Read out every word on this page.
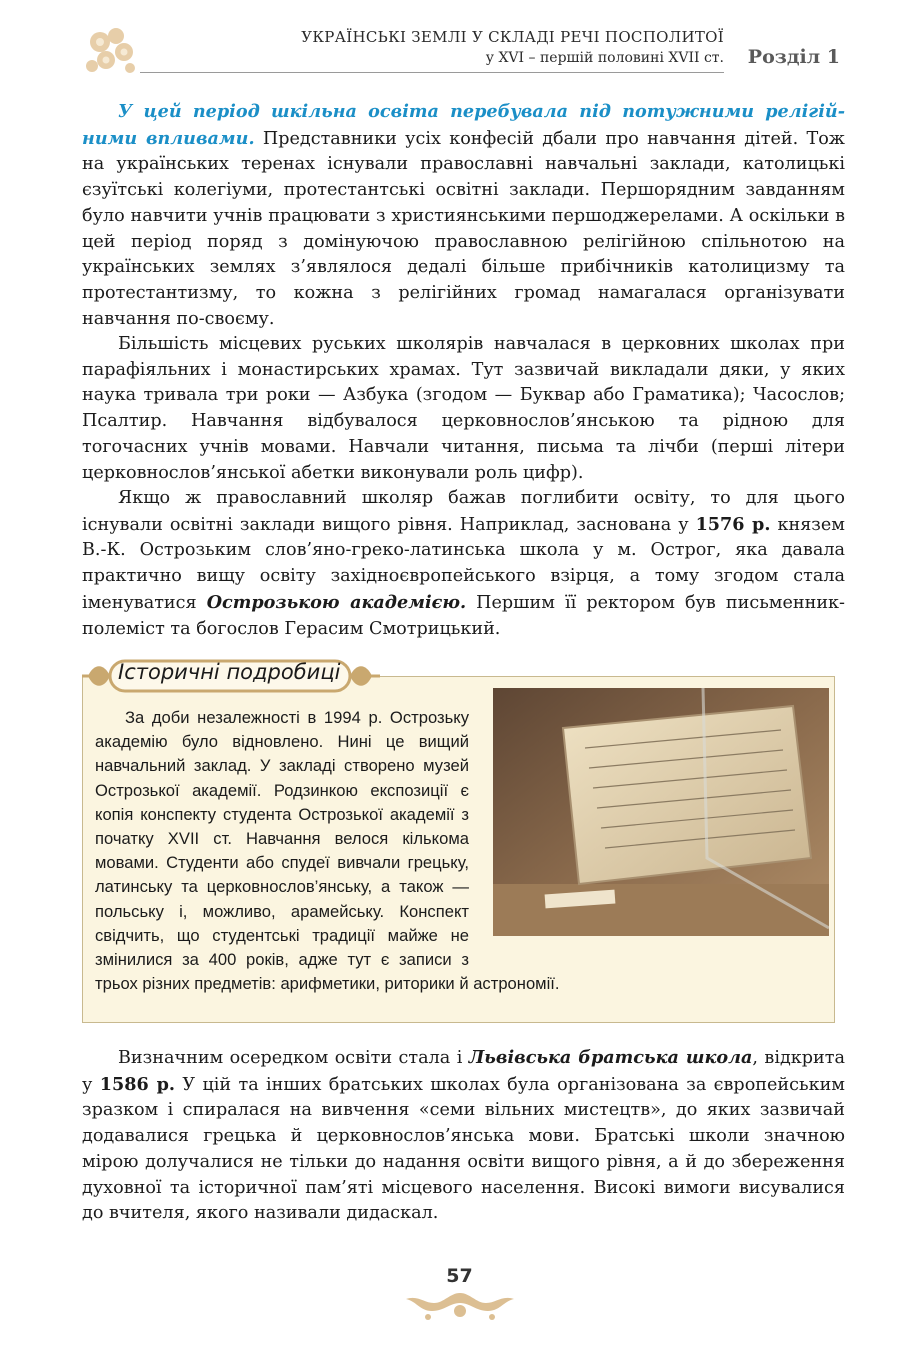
УКРАЇНСЬКІ ЗЕМЛІ У СКЛАДІ РЕЧІ ПОСПОЛИТОЇ
у XVI – першій половині XVII ст. Розділ 1

У цей період шкільна освіта перебувала під потужними релігійними впливами. Представники усіх конфесій дбали про навчання дітей. Тож на українських теренах існували православні навчальні заклади, католицькі єзуїтські колегіуми, протестантські освітні заклади. Першорядним завданням було навчити учнів працювати з християнськими першоджерелами. А оскільки в цей період поряд з домінуючою православною релігійною спільнотою на українських землях з’являлося дедалі більше прибічників католицизму та протестантизму, то кожна з релігійних громад намагалася організувати навчання по-своєму.

Більшість місцевих руських школярів навчалася в церковних школах при парафіяльних і монастирських храмах. Тут зазвичай викладали дяки, у яких наука тривала три роки — Азбука (згодом — Буквар або Граматика); Часослов; Псалтир. Навчання відбувалося церковнослов’янською та рідною для тогочасних учнів мовами. Навчали читання, письма та лічби (перші літери церковнослов’янської абетки виконували роль цифр).

Якщо ж православний школяр бажав поглибити освіту, то для цього існували освітні заклади вищого рівня. Наприклад, заснована у 1576 р. князем В.-К. Острозьким слов’яно-греко-латинська школа у м. Острог, яка давала практично вищу освіту західноєвропейського взірця, а тому згодом стала іменуватися Острозькою академією. Першим її ректором був письменник-полеміст та богослов Герасим Смотрицький.

Історичні подробиці

За доби незалежності в 1994 р. Острозьку академію було відновлено. Нині це вищий навчальний заклад. У закладі створено музей Острозької академії. Родзинкою експозиції є копія конспекту студента Острозької академії з початку XVII ст. Навчання велося кількома мовами. Студенти або спудеї вивчали грецьку, латинську та церковнослов’янську, а також — польську і, можливо, арамейську. Конспект свідчить, що студентські традиції майже не змінилися за 400 років, адже тут є записи з трьох різних предметів: арифметики, риторики й астрономії.

Визначним осередком освіти стала і Львівська братська школа, відкрита у 1586 р. У цій та інших братських школах була організована за європейським зразком і спиралася на вивчення «семи вільних мистецтв», до яких зазвичай додавалися грецька й церковнослов’янська мови. Братські школи значною мірою долучалися не тільки до надання освіти вищого рівня, а й до збереження духовної та історичної пам’яті місцевого населення. Високі вимоги висувалися до вчителя, якого називали дидаскал.

57
